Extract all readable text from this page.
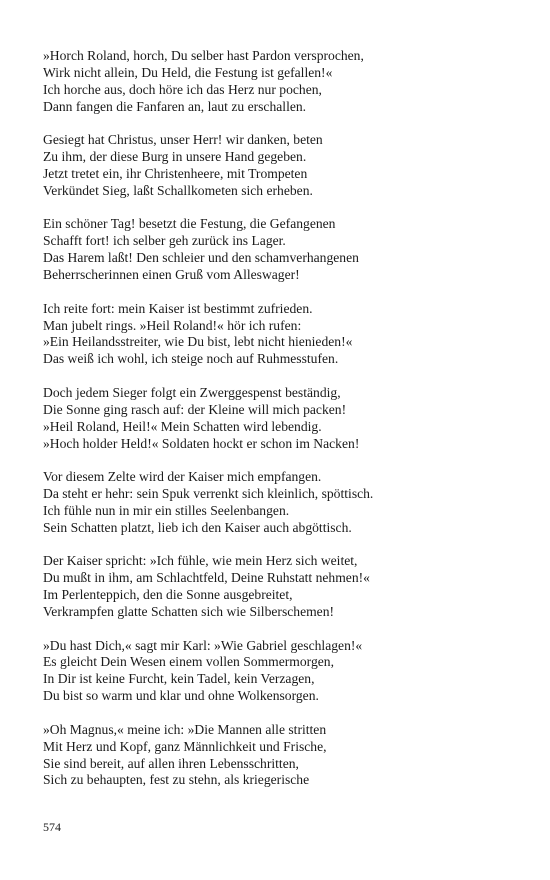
»Horch Roland, horch, Du selber hast Pardon versprochen,
Wirk nicht allein, Du Held, die Festung ist gefallen!«
Ich horche aus, doch höre ich das Herz nur pochen,
Dann fangen die Fanfaren an, laut zu erschallen.
Gesiegt hat Christus, unser Herr! wir danken, beten
Zu ihm, der diese Burg in unsere Hand gegeben.
Jetzt tretet ein, ihr Christenheere, mit Trompeten
Verkündet Sieg, laßt Schallkometen sich erheben.
Ein schöner Tag! besetzt die Festung, die Gefangenen
Schafft fort! ich selber geh zurück ins Lager.
Das Harem laßt! Den schleier und den schamverhangenen
Beherrscherinnen einen Gruß vom Alleswager!
Ich reite fort: mein Kaiser ist bestimmt zufrieden.
Man jubelt rings. »Heil Roland!« hör ich rufen:
»Ein Heilandsstreiter, wie Du bist, lebt nicht hienieden!«
Das weiß ich wohl, ich steige noch auf Ruhmesstufen.
Doch jedem Sieger folgt ein Zwerggespenst beständig,
Die Sonne ging rasch auf: der Kleine will mich packen!
»Heil Roland, Heil!« Mein Schatten wird lebendig.
»Hoch holder Held!« Soldaten hockt er schon im Nacken!
Vor diesem Zelte wird der Kaiser mich empfangen.
Da steht er hehr: sein Spuk verrenkt sich kleinlich, spöttisch.
Ich fühle nun in mir ein stilles Seelenbangen.
Sein Schatten platzt, lieb ich den Kaiser auch abgöttisch.
Der Kaiser spricht: »Ich fühle, wie mein Herz sich weitet,
Du mußt in ihm, am Schlachtfeld, Deine Ruhstatt nehmen!«
Im Perlenteppich, den die Sonne ausgebreitet,
Verkrampfen glatte Schatten sich wie Silberschemen!
»Du hast Dich,« sagt mir Karl: »Wie Gabriel geschlagen!«
Es gleicht Dein Wesen einem vollen Sommermorgen,
In Dir ist keine Furcht, kein Tadel, kein Verzagen,
Du bist so warm und klar und ohne Wolkensorgen.
»Oh Magnus,« meine ich: »Die Mannen alle stritten
Mit Herz und Kopf, ganz Männlichkeit und Frische,
Sie sind bereit, auf allen ihren Lebensschritten,
Sich zu behaupten, fest zu stehn, als kriegerische
574
